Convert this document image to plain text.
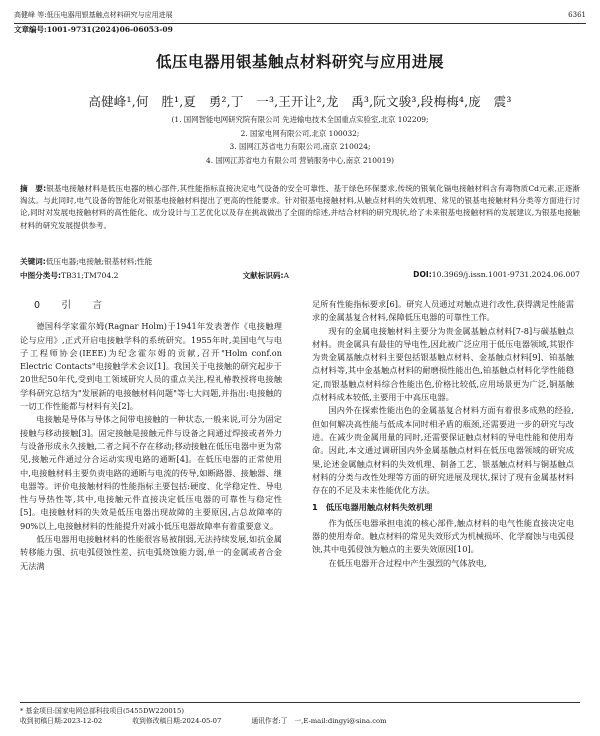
高健峰 等:低压电器用银基触点材料研究与应用进展	6361
文章编号:1001-9731(2024)06-06053-09
低压电器用银基触点材料研究与应用进展
高健峰¹,何　胜¹,夏　勇²,丁　一³,王开让²,龙　禹³,阮文骏³,段梅梅⁴,庞　震³
(1. 国网智能电网研究院有限公司 先进输电技术全国重点实验室,北京 102209;
2. 国家电网有限公司,北京 100032;
3. 国网江苏省电力有限公司,南京 210024;
4. 国网江苏省电力有限公司 营销服务中心,南京 210019)
摘　要:银基电接触材料是低压电器的核心部件,其性能指标直接决定电气设备的安全可靠性、基于绿色环保要求,传统的银氧化镉电接触材料含有毒物质Cd元素,正逐渐淘汰。与此同时,电气设备的智能化对银基电接触材料提出了更高的性能要求。针对银基电接触材料,从触点材料的失效机理、常见的银基电接触材料分类等方面进行讨论,同时对发展电接触材料的高性能化、成分设计与工艺优化以及存在挑战做出了全面的综述,并结合材料的研究现状,给了未来银基电接触材料的发展建议,为银基电接触材料的研究发展提供参考。
关键词:低压电器;电接触;银基材料;性能
中图分类号:TB31;TM704.2	文献标识码:A	DOI:10.3969/j.issn.1001-9731.2024.06.007
0　引　言

德国科学家霍尔姆(Ragnar Holm)于1941年发表著作《电接触理论与应用》,正式开启电接触学科的系统研究。1955年时,美国电气与电子工程师协会(IEEE)为纪念霍尔姆的贡献,召开"Holm conf.on Electric Contacts"电接触学术会议[1]。我国关于电接触的研究起步于20世纪50年代,受到电工领域研究人员的重点关注,程礼椿教授将电接触学科研究总结为"发展新的电接触材料问题"等七大问题,并指出:电接触的一切工作性能都与材料有关[2]。

电接触是导体与导体之间带电接触的一种状态,一般来说,可分为固定接触与移动接触[3]。固定接触是接触元件与设备之间通过焊接或者外力与设备形成永久接触,二者之间不存在移动;移动接触在低压电器中更为常见,接触元件通过分合运动实现电路的通断[4]。在低压电器的正常使用中,电接触材料主要负责电路的通断与电流的传导,如断路器、接触器、继电器等。评价电接触材料的性能指标主要包括:硬度、化学稳定性、导电性与导热性等,其中,电接触元件直接决定低压电器的可靠性与稳定性[5]。电接触材料的失效是低压电器出现故障的主要原因,占总故障率的90%以上,电接触材料的性能提升对减小低压电器故障率有着重要意义。

低压电器用电接触材料的性能很容易被削弱,无法持续发展,如抗金属转移能力强、抗电弧侵蚀性差、抗电弧烧蚀能力弱,单一的金属或者合金无法满

足所有性能指标要求[6]。研究人员通过对触点进行改性,获得满足性能需求的金属基复合材料,保障低压电器的可靠性工作。

现有的金属电接触材料主要分为贵金属基触点材料[7-8]与碳基触点材料。贵金属具有最佳的导电性,因此被广泛应用于低压电器领域,其银作为贵金属基触点材料主要包括银基触点材料、金基触点材料[9]、铂基触点材料等,其中金基触点材料的耐磨损性能出色,铂基触点材料化学性能稳定,而银基触点材料综合性能出色,价格比较低,应用场景更为广泛,铜基触点材料成本较低,主要用于中高压电器。

国内外在探索性能出色的金属基复合材料方面有着很多成熟的经验,但如何解决高性能与低成本同时相矛盾的瓶颈,还需要进一步的研究与改进。在减少贵金属用量的同时,还需要保证触点材料的导电性能和使用寿命。因此,本文通过调研国内外金属基触点材料在低压电器领域的研究成果,论述金属触点材料的失效机理、制备工艺、银基触点材料与铜基触点材料的分类与改性处理等方面的研究进展及现状,探讨了现有金属基材料存在的不足及未来性能优化方法。

1　低压电器用触点材料失效机理

作为低压电器承担电流的核心部件,触点材料的电气性能直接决定电器的使用寿命。触点材料的常见失效形式为机械损坏、化学腐蚀与电弧侵蚀,其中电弧侵蚀为触点的主要失效原因[10]。

在低压电器开合过程中产生强烈的气体放电,

* 基金项目:国家电网总部科技项目(5455DW220015)
收到初稿日期:2023-12-02	收到修改稿日期:2024-05-07	通讯作者:丁　一,E-mail:dingyi@sina.com
